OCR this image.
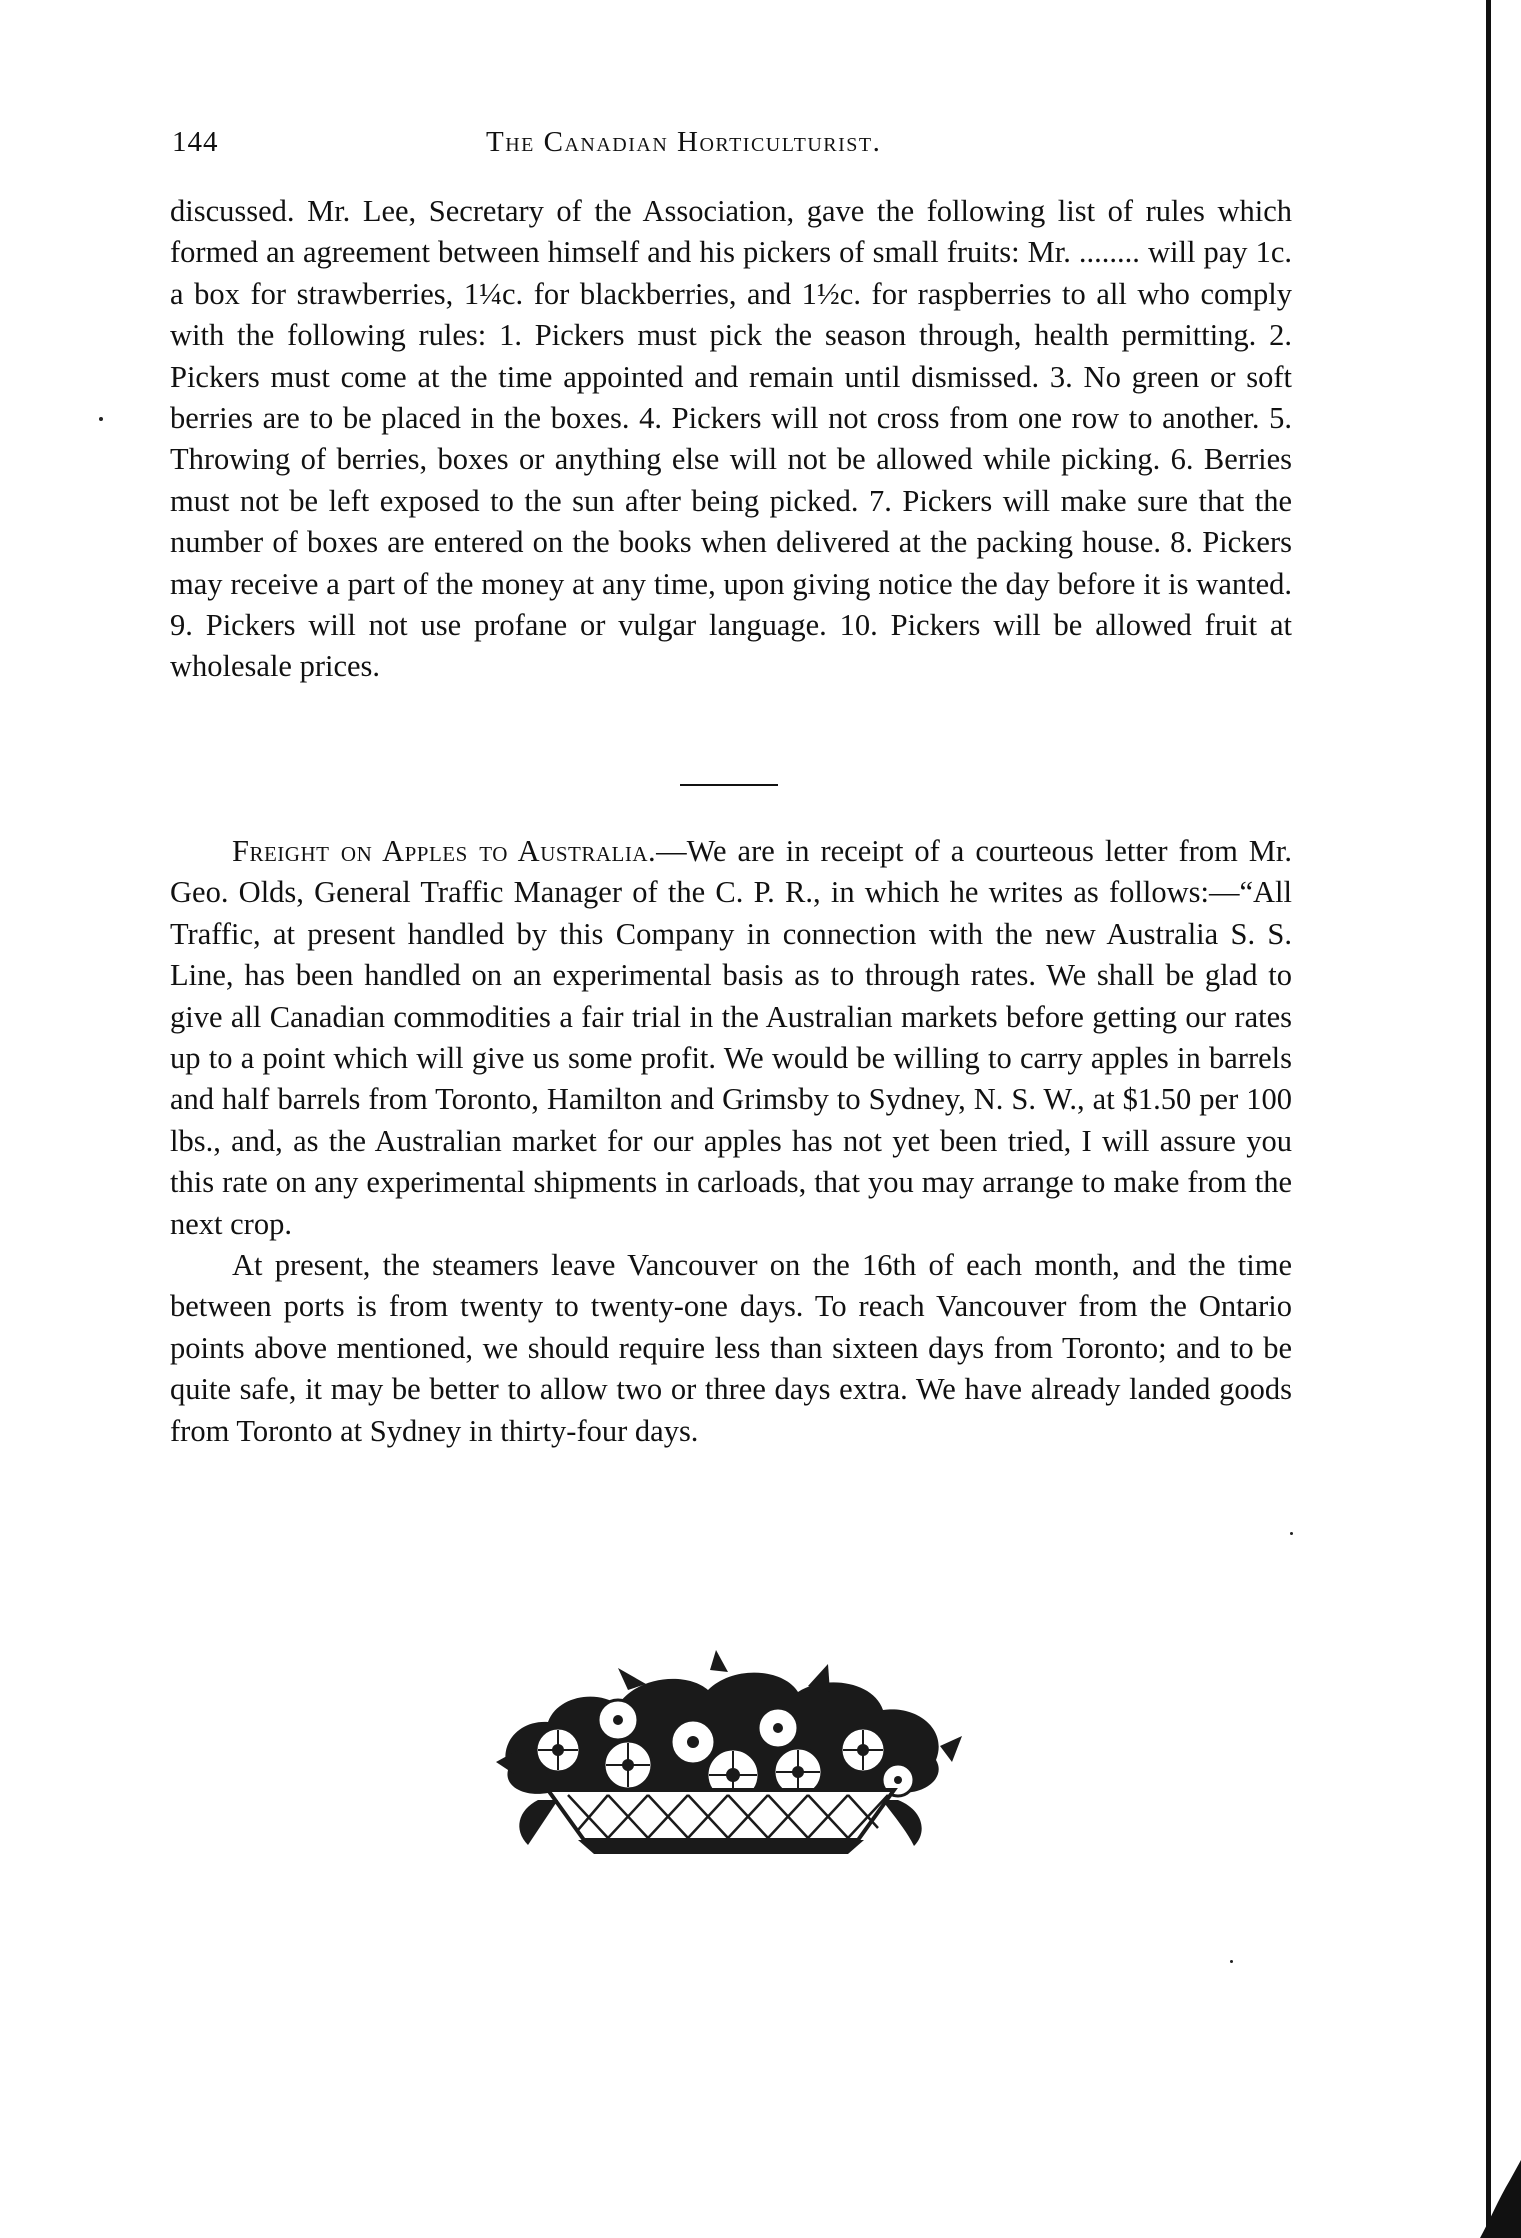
144	The Canadian Horticulturist.

discussed. Mr. Lee, Secretary of the Association, gave the following list of rules which formed an agreement between himself and his pickers of small fruits: Mr. ........ will pay 1c. a box for strawberries, 1¼c. for blackberries, and 1½c. for raspberries to all who comply with the following rules: 1. Pickers must pick the season through, health permitting. 2. Pickers must come at the time appointed and remain until dismissed. 3. No green or soft berries are to be placed in the boxes. 4. Pickers will not cross from one row to another. 5. Throwing of berries, boxes or anything else will not be allowed while picking. 6. Berries must not be left exposed to the sun after being picked. 7. Pickers will make sure that the number of boxes are entered on the books when delivered at the packing house. 8. Pickers may receive a part of the money at any time, upon giving notice the day before it is wanted. 9. Pickers will not use profane or vulgar language. 10. Pickers will be allowed fruit at wholesale prices.

Freight on Apples to Australia.—We are in receipt of a courteous letter from Mr. Geo. Olds, General Traffic Manager of the C. P. R., in which he writes as follows:—“All Traffic, at present handled by this Company in connection with the new Australia S. S. Line, has been handled on an experimental basis as to through rates. We shall be glad to give all Canadian commodities a fair trial in the Australian markets before getting our rates up to a point which will give us some profit. We would be willing to carry apples in barrels and half barrels from Toronto, Hamilton and Grimsby to Sydney, N. S. W., at $1.50 per 100 lbs., and, as the Australian market for our apples has not yet been tried, I will assure you this rate on any experimental shipments in carloads, that you may arrange to make from the next crop.

At present, the steamers leave Vancouver on the 16th of each month, and the time between ports is from twenty to twenty-one days. To reach Vancouver from the Ontario points above mentioned, we should require less than sixteen days from Toronto; and to be quite safe, it may be better to allow two or three days extra. We have already landed goods from Toronto at Sydney in thirty-four days.
